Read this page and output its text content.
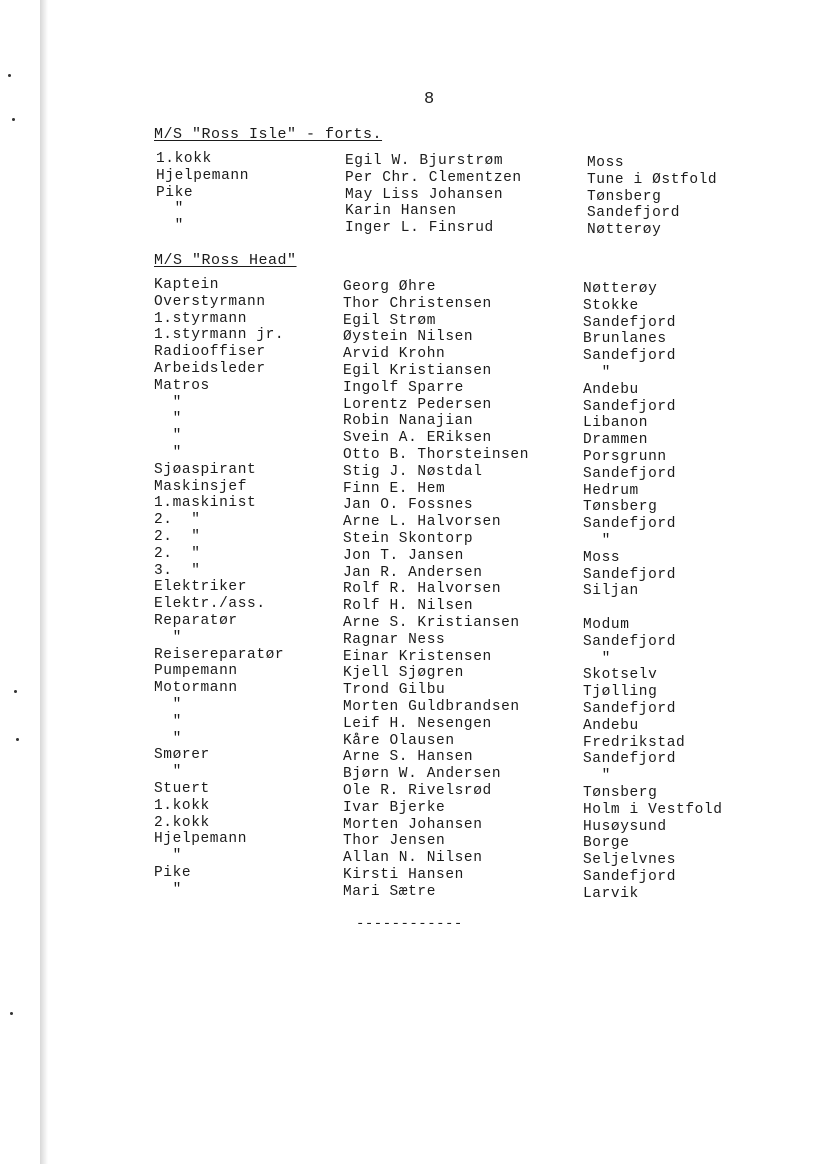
8
M/S "Ross Isle" - forts.
1.kokk
Hjelpemann
Pike
"
"
Egil W. Bjurstrøm
Per Chr. Clementzen
May Liss Johansen
Karin Hansen
Inger L. Finsrud
Moss
Tune i Østfold
Tønsberg
Sandefjord
Nøtterøy
M/S "Ross Head"
Kaptein
Overstyrmann
1.styrmann
1.styrmann jr.
Radiooffiser
Arbeidsleder
Matros
"
"
"
"
Sjøaspirant
Maskinsjef
1.maskinist
2.  "
2.  "
2.  "
3.  "
Elektriker
Elektr./ass.
Reparatør
"
Reisereparatør
Pumpemann
Motormann
"
"
"
Smører
"
Stuert
1.kokk
2.kokk
Hjelpemann
"
Pike
"
Georg Øhre
Thor Christensen
Egil Strøm
Øystein Nilsen
Arvid Krohn
Egil Kristiansen
Ingolf Sparre
Lorentz Pedersen
Robin Nanajian
Svein A. ERiksen
Otto B. Thorsteinsen
Stig J. Nøstdal
Finn E. Hem
Jan O. Fossnes
Arne L. Halvorsen
Stein Skontorp
Jon T. Jansen
Jan R. Andersen
Rolf R. Halvorsen
Rolf H. Nilsen
Arne S. Kristiansen
Ragnar Ness
Einar Kristensen
Kjell Sjøgren
Trond Gilbu
Morten Guldbrandsen
Leif H. Nesengen
Kåre Olausen
Arne S. Hansen
Bjørn W. Andersen
Ole R. Rivelsrød
Ivar Bjerke
Morten Johansen
Thor Jensen
Allan N. Nilsen
Kirsti Hansen
Mari Sætre
Nøtterøy
Stokke
Sandefjord
Brunlanes
Sandefjord
"
Andebu
Sandefjord
Libanon
Drammen
Porsgrunn
Sandefjord
Hedrum
Tønsberg
Sandefjord
"
Moss
Sandefjord
Siljan
Modum
Sandefjord
"
Skotselv
Tjølling
Sandefjord
Andebu
Fredrikstad
Sandefjord
"
Tønsberg
Holm i Vestfold
Husøysund
Borge
Seljelvnes
Sandefjord
Larvik
------------
